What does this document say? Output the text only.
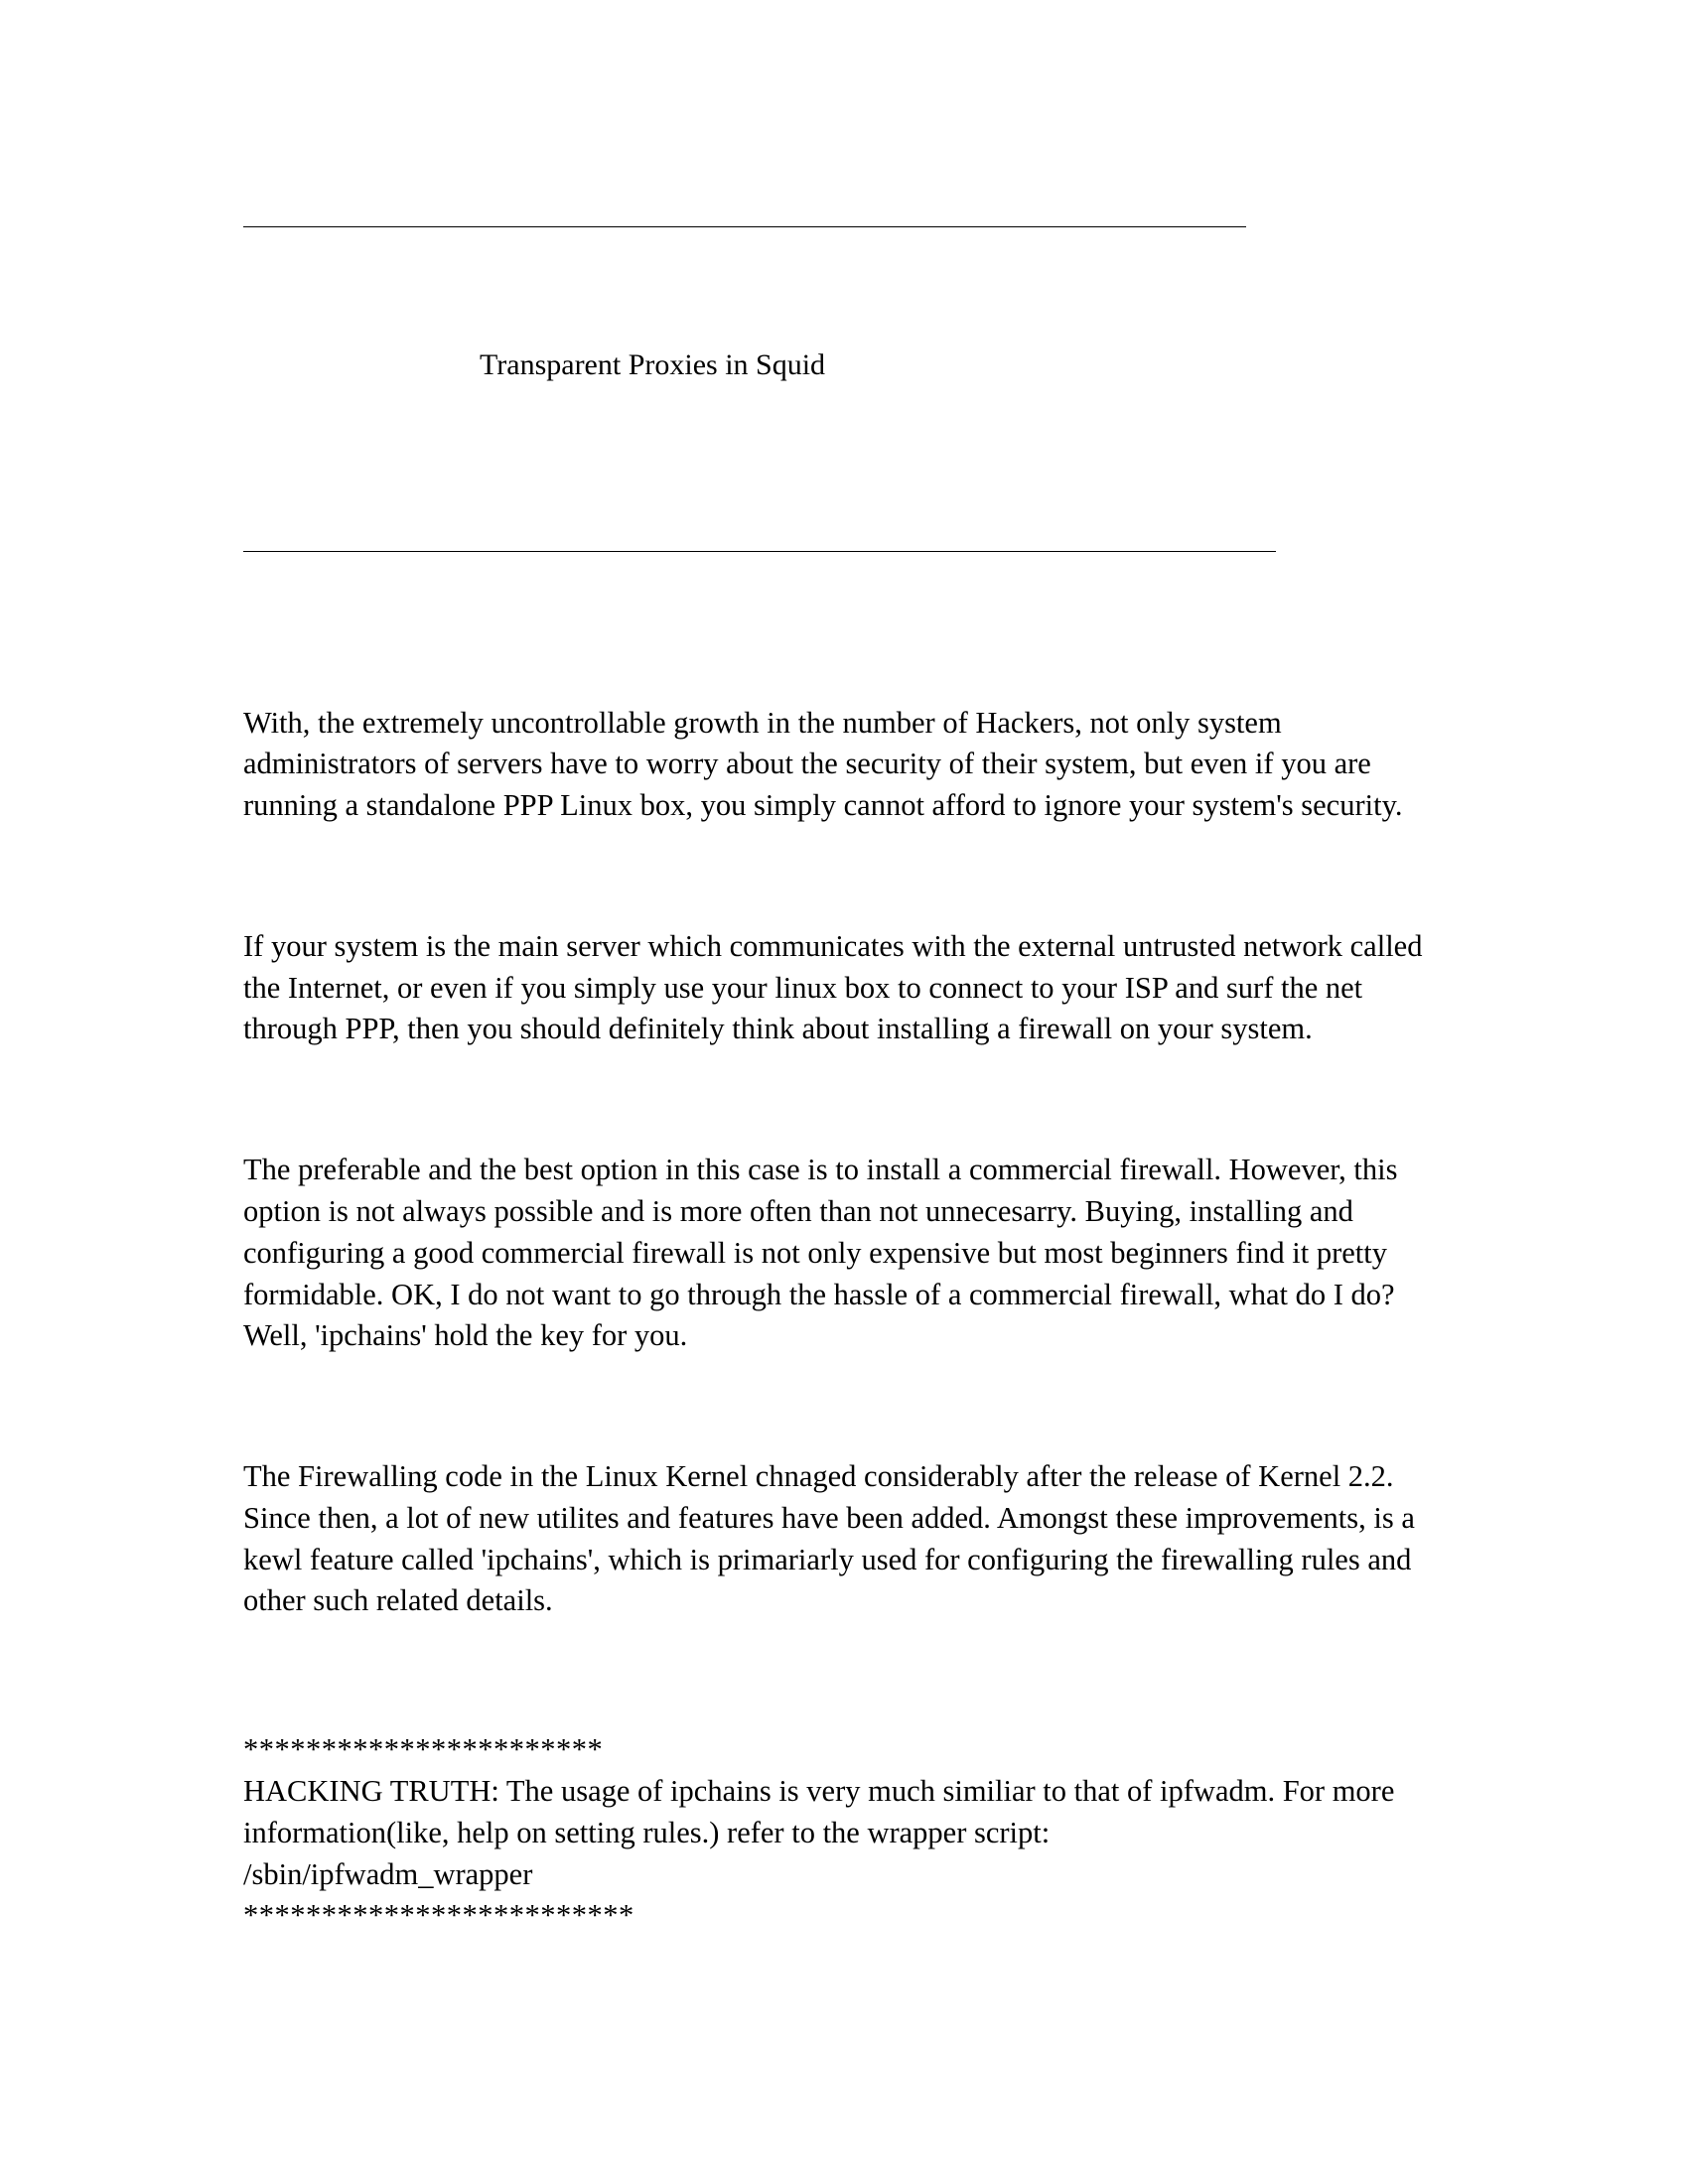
Transparent Proxies in Squid

With, the extremely uncontrollable growth in the number of Hackers, not only system administrators of servers have to worry about the security of their system, but even if you are running a standalone PPP Linux box, you simply cannot afford to ignore your system's security.

If your system is the main server which communicates with the external untrusted network called the Internet, or even if you simply use your linux box to connect to your ISP and surf the net through PPP, then you should definitely think about installing a firewall on your system.

The preferable and the best option in this case is to install a commercial firewall. However, this option is not always possible and is more often than not unnecesarry. Buying, installing and configuring a good commercial firewall is not only expensive but most beginners find it pretty formidable. OK, I do not want to go through the hassle of a commercial firewall, what do I do? Well, 'ipchains' hold the key for you.

The Firewalling code in the Linux Kernel chnaged considerably after the release of Kernel 2.2. Since then, a lot of new utilites and features have been added. Amongst these improvements, is a kewl feature called 'ipchains', which is primariarly used for configuring the firewalling rules and other such related details.

***********************
HACKING TRUTH: The usage of ipchains is very much similiar to that of ipfwadm. For more information(like, help on setting rules.) refer to the wrapper script:
/sbin/ipfwadm_wrapper
*************************
